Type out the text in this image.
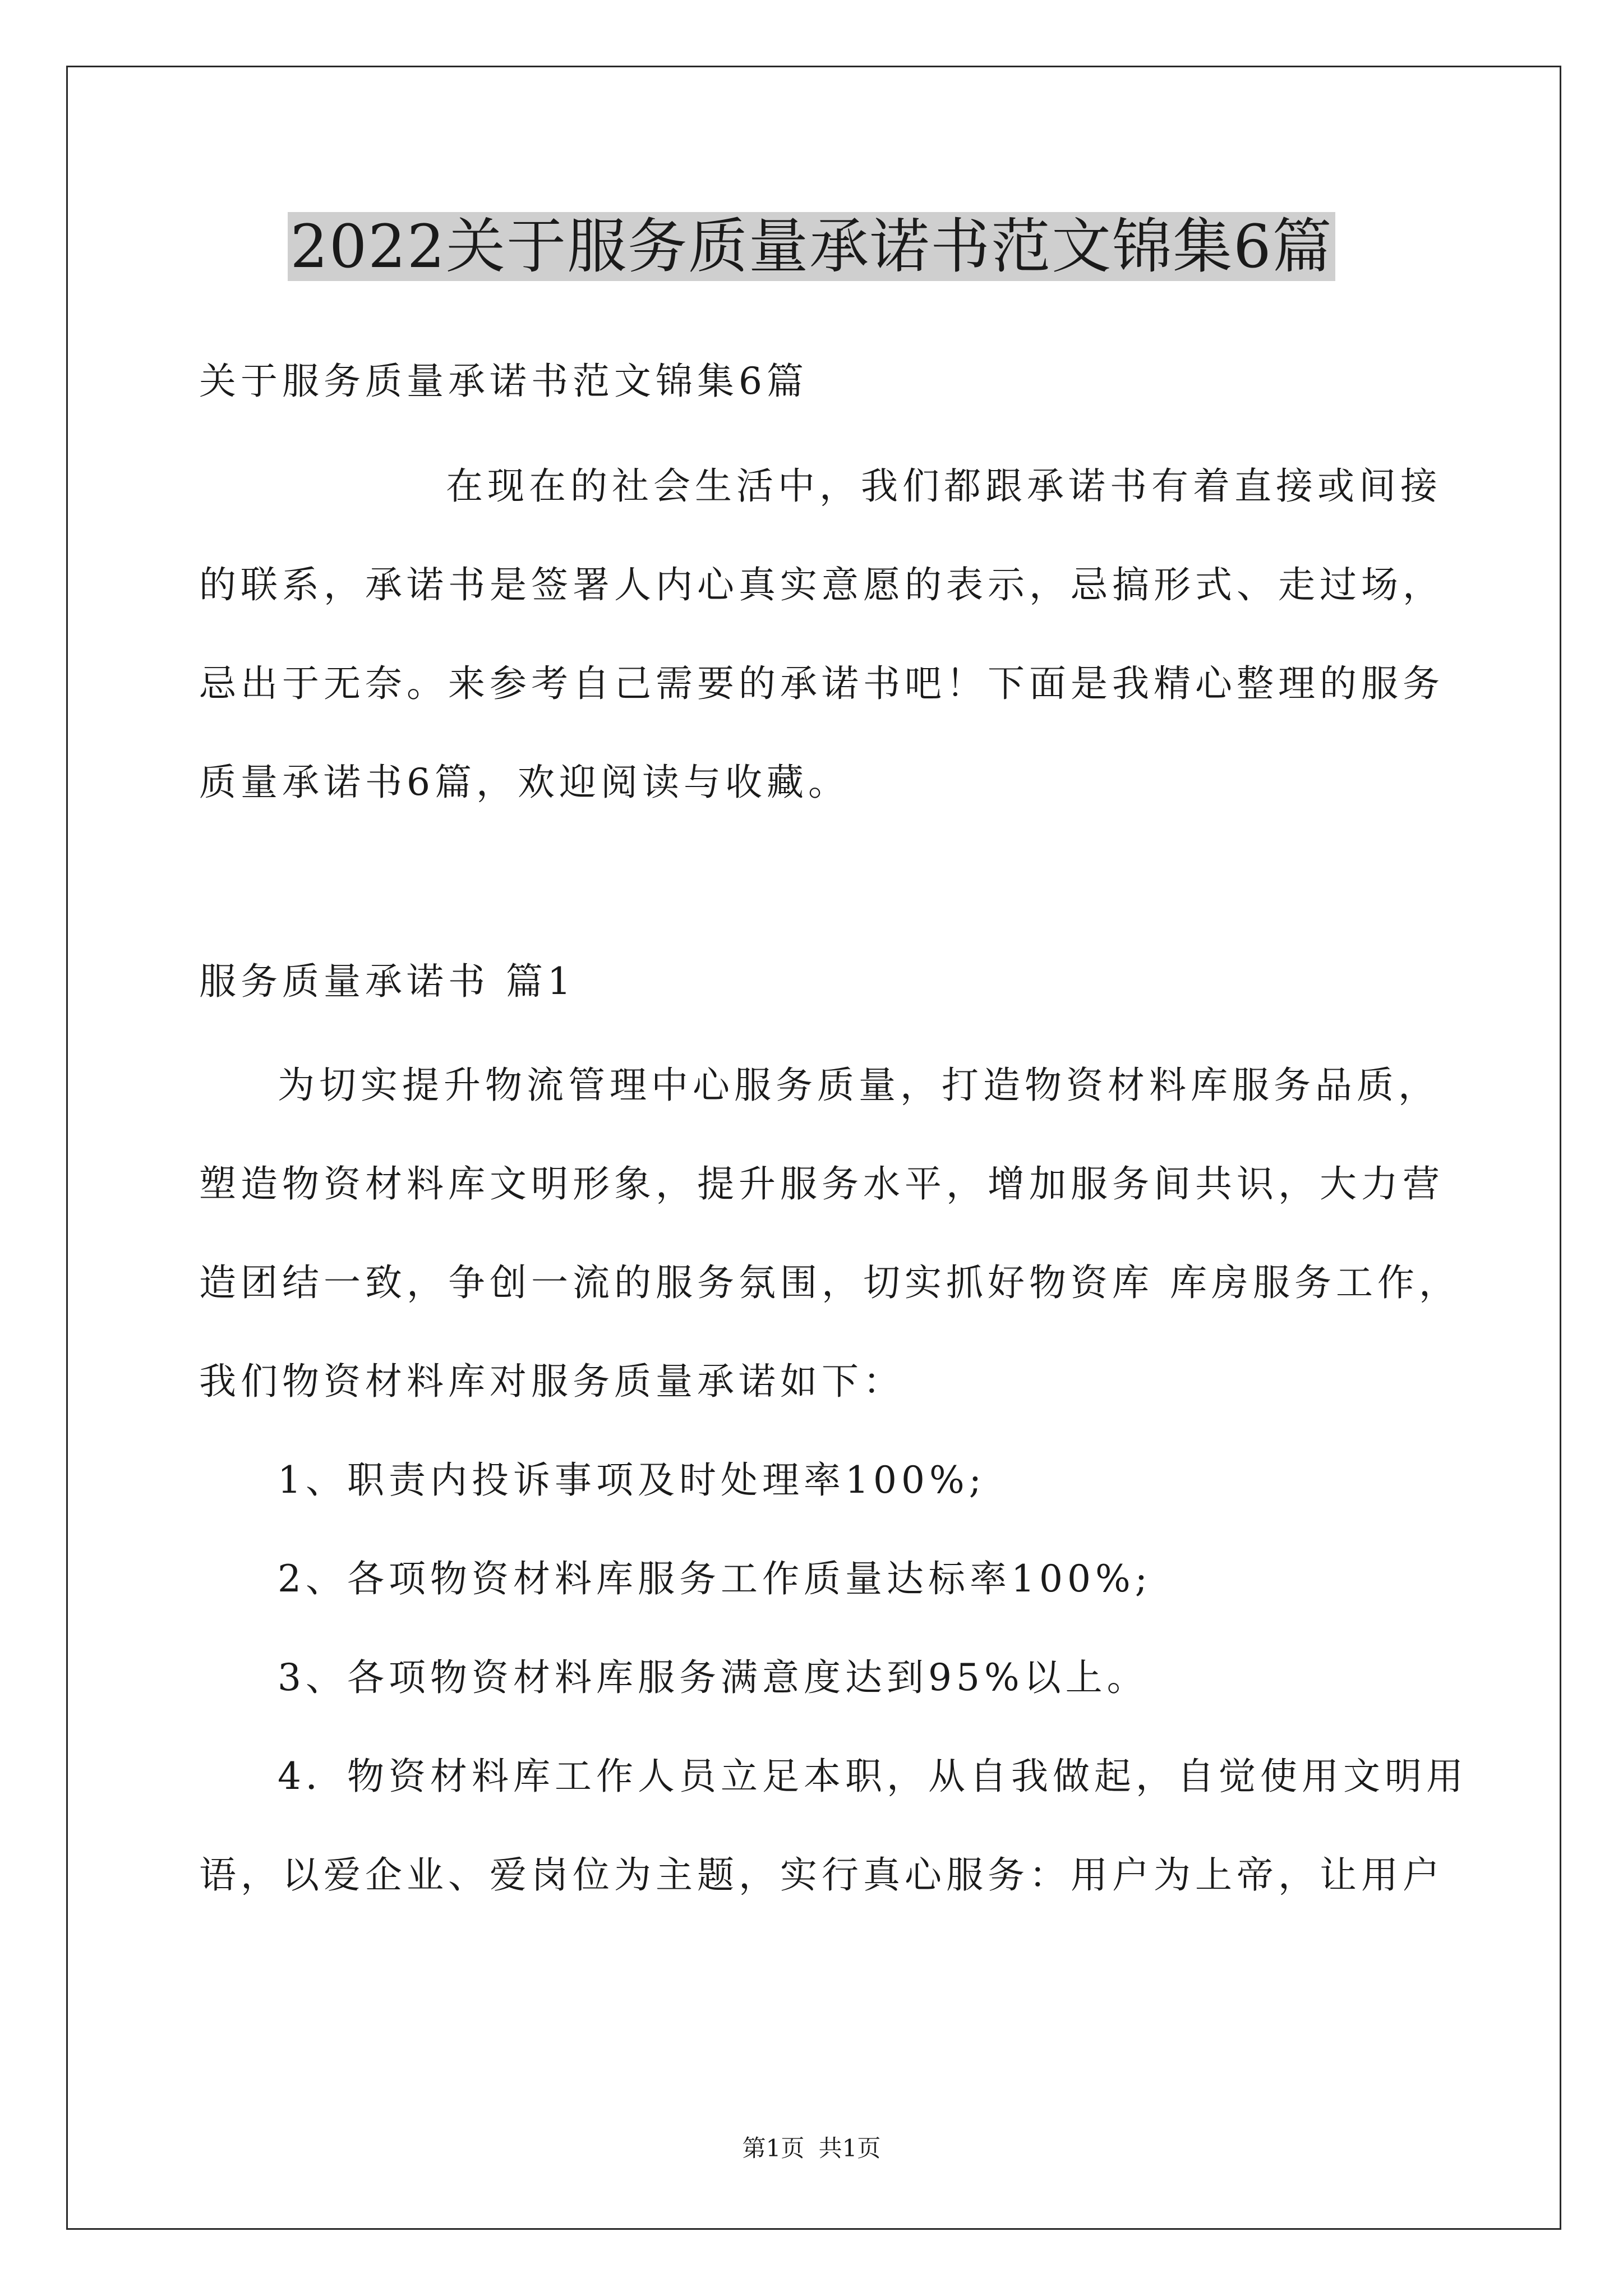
2022关于服务质量承诺书范文锦集6篇

关于服务质量承诺书范文锦集6篇

在现在的社会生活中，我们都跟承诺书有着直接或间接

的联系，承诺书是签署人内心真实意愿的表示，忌搞形式、走过场，

忌出于无奈。来参考自己需要的承诺书吧！下面是我精心整理的服务

质量承诺书6篇，欢迎阅读与收藏。

服务质量承诺书 篇1

为切实提升物流管理中心服务质量，打造物资材料库服务品质，

塑造物资材料库文明形象，提升服务水平，增加服务间共识，大力营

造团结一致，争创一流的服务氛围，切实抓好物资库 库房服务工作，

我们物资材料库对服务质量承诺如下：

1、职责内投诉事项及时处理率100%;

2、各项物资材料库服务工作质量达标率100%;

3、各项物资材料库服务满意度达到95%以上。

4．物资材料库工作人员立足本职，从自我做起，自觉使用文明用

语，以爱企业、爱岗位为主题，实行真心服务：用户为上帝，让用户

第1页 共1页
